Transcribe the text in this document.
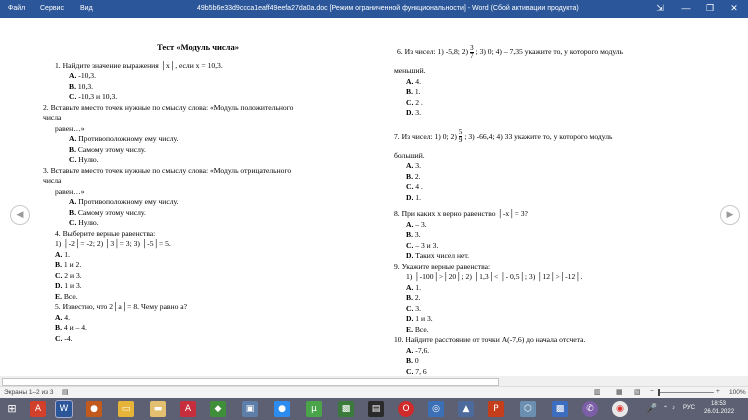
Файл Сервис Вид	49b5b6e33d9ccca1eaff49eefa27da0a.doc [Режим ограниченной функциональности] - Word (Сбой активации продукта)	⇲	—	❐	✕
◀	▶
Тест «Модуль числа»
1. Найдите значение выражения │x│, если х = 10,3.
A. -10,3.
B. 10,3.
C. -10,3 и 10,3.
2. Вставьте вместо точек нужные по смыслу слова: «Модуль положительного
числа
равен…»
A. Противоположному ему числу.
B. Самому этому числу.
C. Нулю.
3. Вставьте вместо точек нужные по смыслу слова: «Модуль отрицательного
числа
равен…»
A. Противоположному ему числу.
B. Самому этому числу.
C. Нулю.
4. Выберите верные равенства:
1) │-2│= -2; 2) │3│= 3; 3) │-5│= 5.
A. 1.
B. 1 и 2.
C. 2 и 3.
D. 1 и 3.
E. Все.
5. Известно, что 2│a│= 8. Чему равно a?
A. 4.
B. 4 и – 4.
C. -4.
6. Из чисел: 1) -5,8; $2) \frac{3}{7}$ ; 3) 0; 4) – 7,35 укажите то, у которого модуль
меньший.
A. 4.
B. 1.
C. 2 .
D. 3.
7. Из чисел: 1) 0; $2) \frac{5}{9}$ ; 3) -66,4; 4) 33 укажите то, у которого модуль
больший.
A. 3.
B. 2.
C. 4 .
D. 1.
8. При каких х верно равенство │-x│= 3?
A. – 3.
B. 3.
C. – 3 и 3.
D. Таких чисел нет.
9. Укажите верные равенства:
1) │-100│>│20│; 2) │1,3│< │- 0,5│; 3) │12│>│-12│.
A. 1.
B. 2.
C. 3.
D. 1 и 3.
E. Все.
10. Найдите расстояние от точки A(-7,6) до начала отсчета.
A. -7,6.
B. 0
C. 7, 6
Экраны 1–2 из 3 ▤	▥ ▦ ▧ −	+ 100%
⊞	A	W	●	▭	▬	A	◆	▣	●	µ	▩	▤	O	◎	▲	P	⬡	▩	✆	◉	🎤 ⌃ ♪ РУС
18:53
26.01.2022
